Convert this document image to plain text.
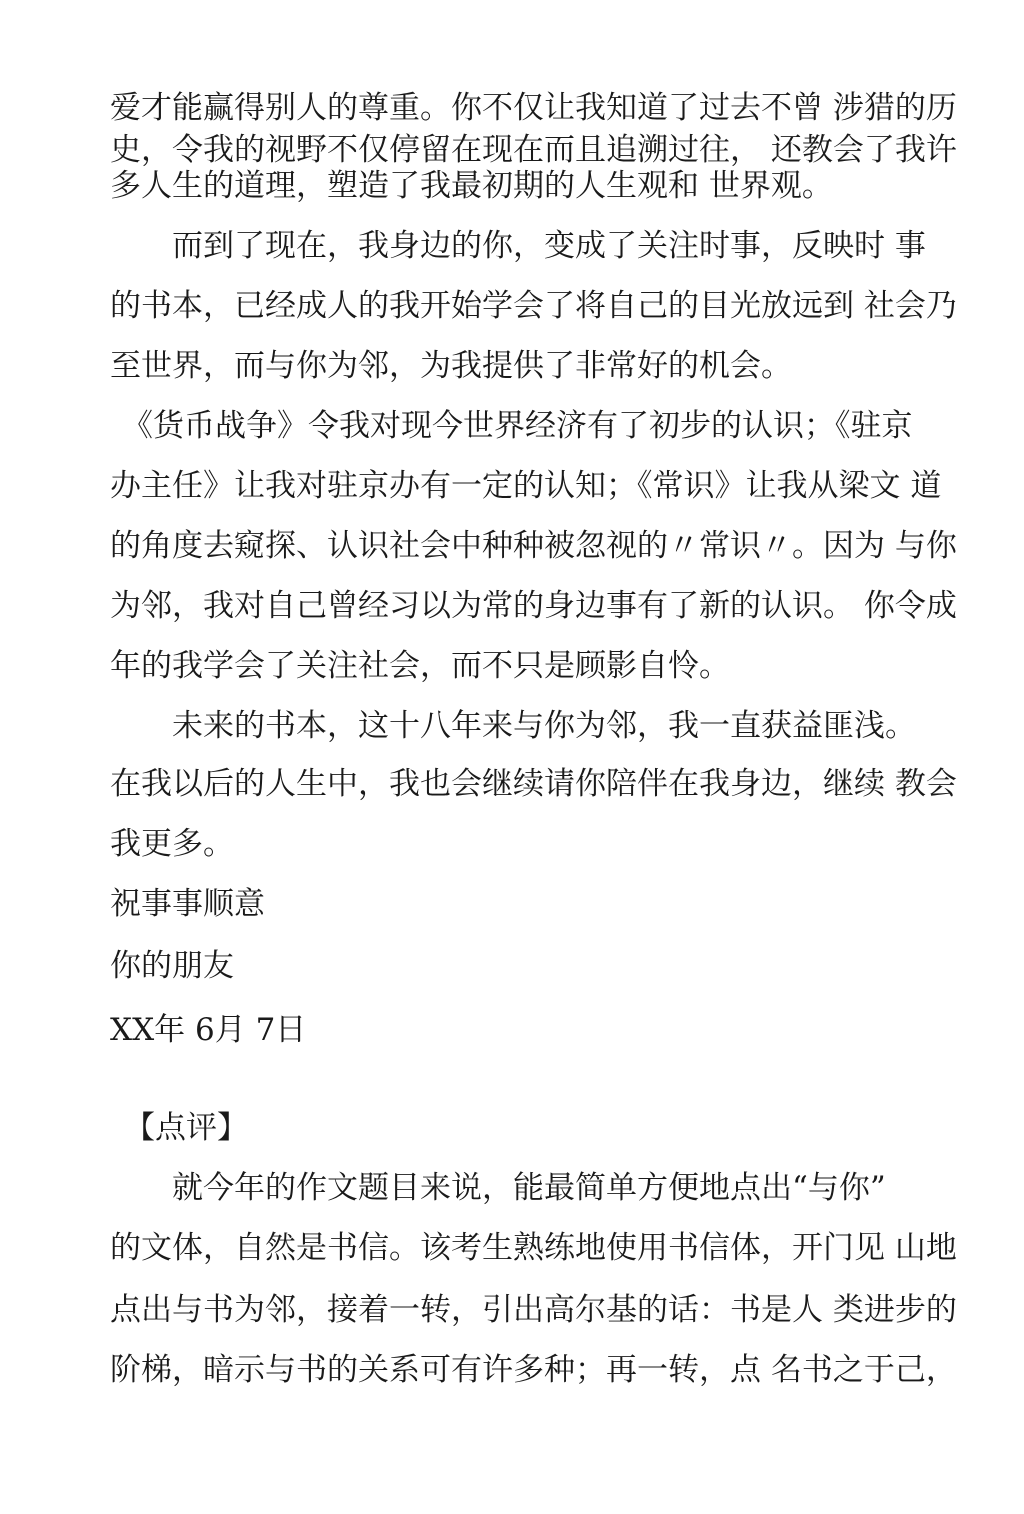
爱才能赢得别人的尊重。你不仅让我知道了过去不曾 涉猎的历
史，令我的视野不仅停留在现在而且追溯过往， 还教会了我许
多人生的道理，塑造了我最初期的人生观和 世界观。
而到了现在，我身边的你，变成了关注时事，反映时 事
的书本，已经成人的我开始学会了将自己的目光放远到 社会乃
至世界，而与你为邻，为我提供了非常好的机会。
《货币战争》令我对现今世界经济有了初步的认识；《驻京
办主任》让我对驻京办有一定的认知；《常识》让我从梁文 道
的角度去窥探、认识社会中种种被忽视的〃常识〃。因为 与你
为邻，我对自己曾经习以为常的身边事有了新的认识。 你令成
年的我学会了关注社会，而不只是顾影自怜。
未来的书本，这十八年来与你为邻，我一直获益匪浅。
在我以后的人生中，我也会继续请你陪伴在我身边，继续 教会
我更多。
祝事事顺意
你的朋友
XX年 6月 7日
【点评】
就今年的作文题目来说，能最简单方便地点出“与你”
的文体，自然是书信。该考生熟练地使用书信体，开门见 山地
点出与书为邻，接着一转，引出高尔基的话：书是人 类进步的
阶梯，暗示与书的关系可有许多种；再一转，点 名书之于己，
